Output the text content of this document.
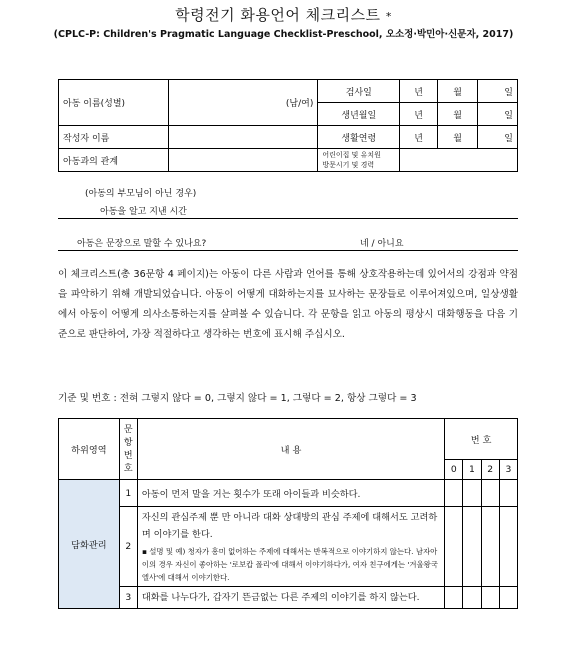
학령전기 화용언어 체크리스트 *
(CPLC-P: Children's Pragmatic Language Checklist-Preschool, 오소정·박민아·신문자, 2017)
아동 이름(성별)	(남/여)	검사일	년	월	일
		생년월일	년	월	일
작성자 이름		생활연령	년	월	일
아동과의 관계		어린이집 및 유치원
방문시기 및 경력			
(아동의 부모님이 아닌 경우)
아동을 알고 지낸 시간
아동은 문장으로 말할 수 있나요?	네 / 아니요
이 체크리스트(총 36문항 4 페이지)는 아동이 다른 사람과 언어를 통해 상호작용하는데 있어서의 강점과 약점을 파악하기 위해 개발되었습니다. 아동이 어떻게 대화하는지를 묘사하는 문장들로 이루어져있으며, 일상생활에서 아동이 어떻게 의사소통하는지를 살펴볼 수 있습니다. 각 문항을 읽고 아동의 평상시 대화행동을 다음 기준으로 판단하여, 가장 적절하다고 생각하는 번호에 표시해 주십시오.
기준 및 번호 : 전혀 그렇지 않다 = 0, 그렇지 않다 = 1, 그렇다 = 2, 항상 그렇다 = 3
하위영역	문
항
번
호	내 용	번 호			
			0	1	2	3
담화관리	1	아동이 먼저 말을 거는 횟수가 또래 아이들과 비슷하다.				
	2	자신의 관심주제 뿐 만 아니라 대화 상대방의 관심 주제에 대해서도 고려하며 이야기를 한다.
▪ 설명 및 예) 청자가 흥미 없어하는 주제에 대해서는 반복적으로 이야기하지 않는다. 남자아이의 경우 자신이 좋아하는 '로보캅 폴리'에 대해서 이야기하다가, 여자 친구에게는 '겨울왕국 엘사'에 대해서 이야기한다.				

	3	대화를 나누다가, 갑자기 뜬금없는 다른 주제의 이야기를 하지 않는다.				
